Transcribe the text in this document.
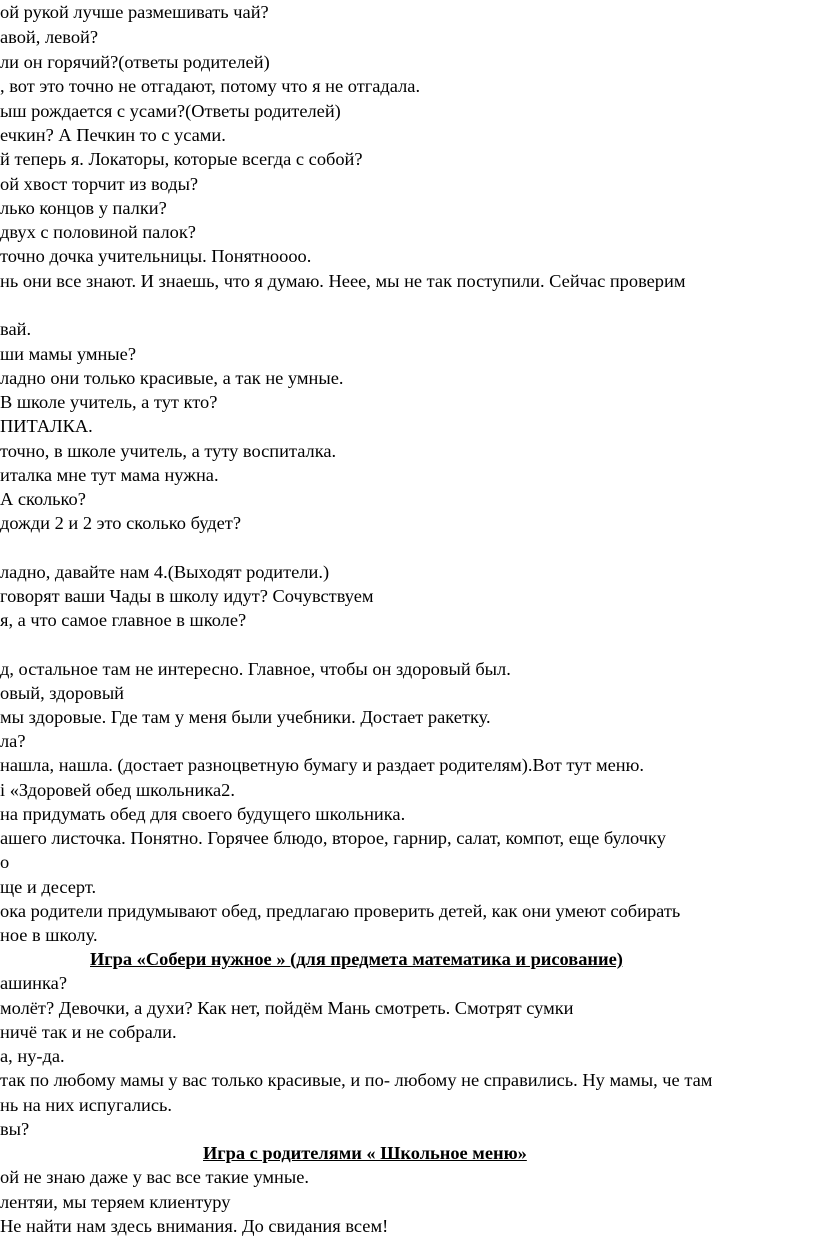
ой рукой лучше размешивать чай?
авой, левой?
ли он горячий?(ответы родителей)
, вот это точно не отгадают, потому что я не отгадала.
ыш рождается с усами?(Ответы родителей)
ечкин? А Печкин то с усами.
й теперь я. Локаторы, которые всегда с собой?
ой хвост торчит из воды?
лько концов у палки?
двух с половиной палок?
точно дочка учительницы. Понятнoooo.
нь они все знают. И знаешь, что я думаю. Нееe, мы не так поступили. Сейчас проверим
вай.
ши мамы умные?
ладно они только красивые, а так не умные.
В школе учитель, а тут кто?
ПИТАЛКА.
точно, в школе учитель, а туту воспиталка.
итaлка мне тут мама нужна.
А сколько?
дожди 2 и 2 это сколько будет?
ладно, давайте нам 4.(Выходят родители.)
говорят ваши Чады в школу идут? Сочувствуем
я, а что самое главное в школе?
д, остальное там не интересно. Главное, чтобы он здоровый был.
овый, здоровый
мы здоровые. Где там у меня были учебники. Достает ракетку.
ла?
нашла, нашла. (достает разноцветную бумагу и раздает родителям).Вот тут меню.
і «Здоровей обед школьника2.
на придумать обед для своего будущего школьника.
ашего листочка. Понятно. Горячее блюдо, второе, гарнир, салат, компот, еще булочку
о
ще и десерт.
ока родители придумывают обед, предлагаю проверить детей, как они умеют собирать
ное в школу.
Игра «Собери нужное » (для предмета математика и рисование)
ашинка?
молёт? Девочки, а духи? Как нет, пойдём Мань смотреть. Смотрят сумки
ничё так и не собрали.
а, ну-да.
так по любому мамы у вас только красивые, и по- любому не справились. Ну мамы, че там
нь на них испугались.
вы?
Игра с родителями « Школьное меню»
ой не знаю даже у вас все такие умные.
лентяи, мы теряем клиентуру
Не найти нам здесь внимания. До свидания всем!
